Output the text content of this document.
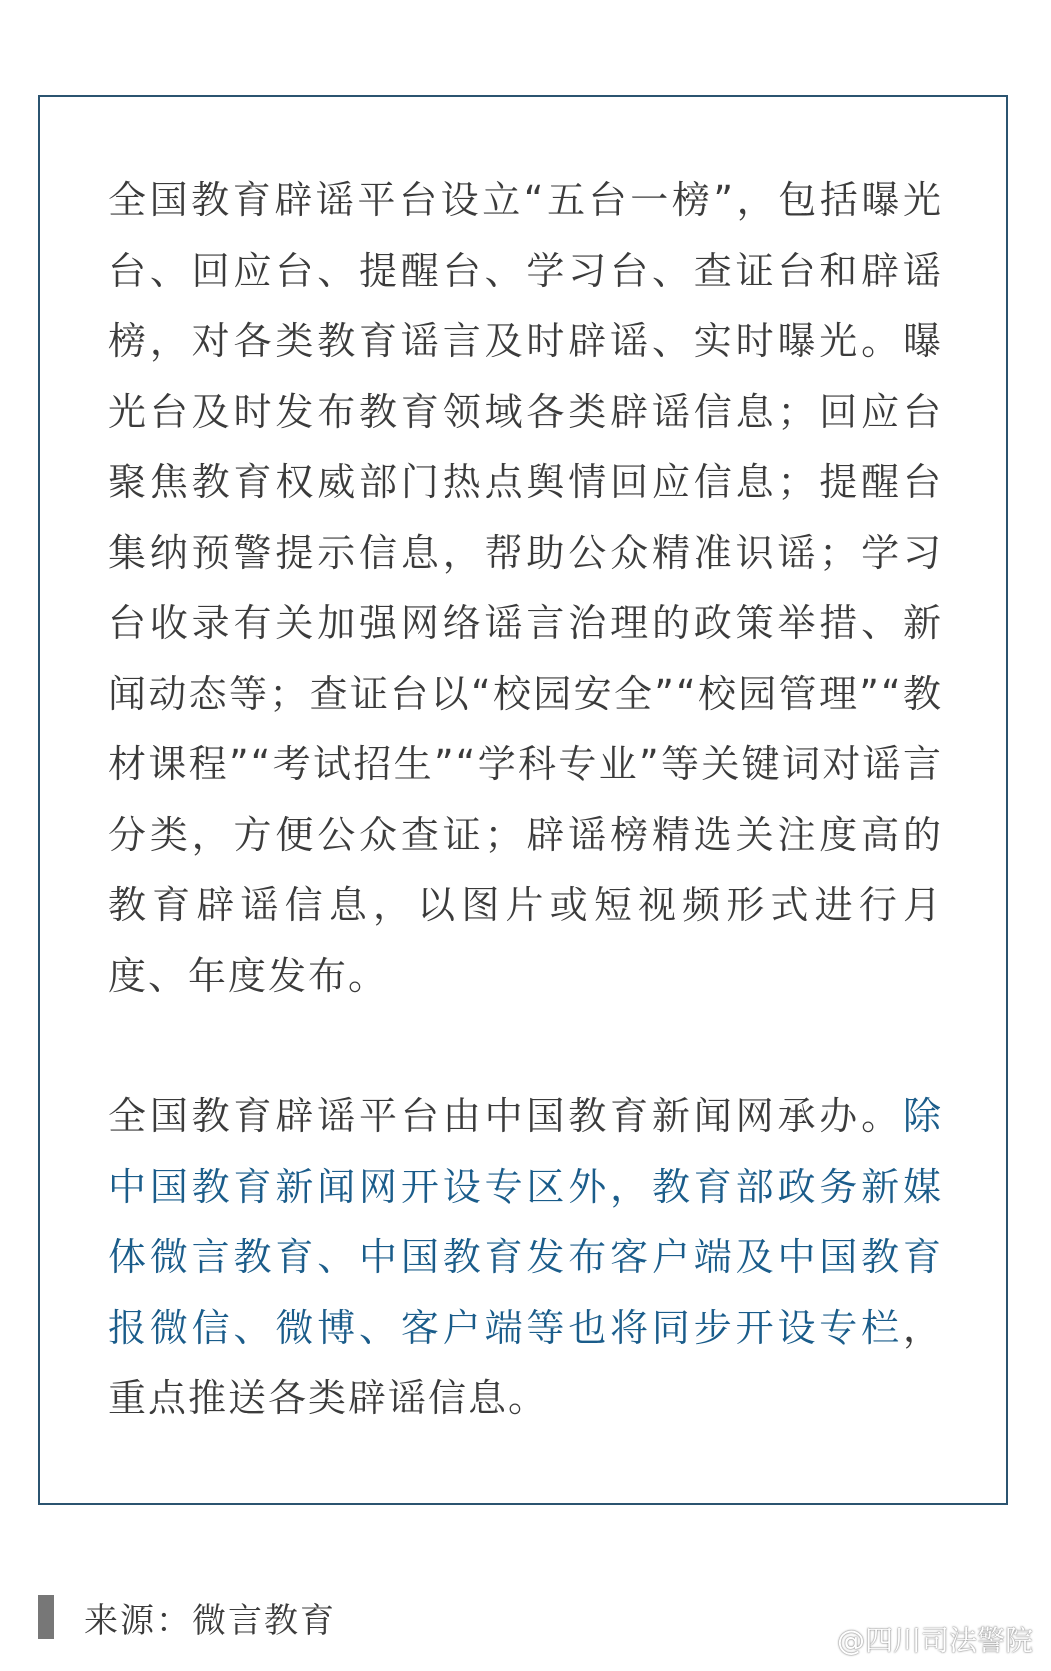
全国教育辟谣平台设立“五台一榜”，包括曝光台、回应台、提醒台、学习台、查证台和辟谣榜，对各类教育谣言及时辟谣、实时曝光。曝光台及时发布教育领域各类辟谣信息；回应台聚焦教育权威部门热点舆情回应信息；提醒台集纳预警提示信息，帮助公众精准识谣；学习台收录有关加强网络谣言治理的政策举措、新闻动态等；查证台以“校园安全”“校园管理”“教材课程”“考试招生”“学科专业”等关键词对谣言分类，方便公众查证；辟谣榜精选关注度高的教育辟谣信息，以图片或短视频形式进行月度、年度发布。

全国教育辟谣平台由中国教育新闻网承办。除中国教育新闻网开设专区外，教育部政务新媒体微言教育、中国教育发布客户端及中国教育报微信、微博、客户端等也将同步开设专栏，重点推送各类辟谣信息。

来源：微言教育	@四川司法警院
